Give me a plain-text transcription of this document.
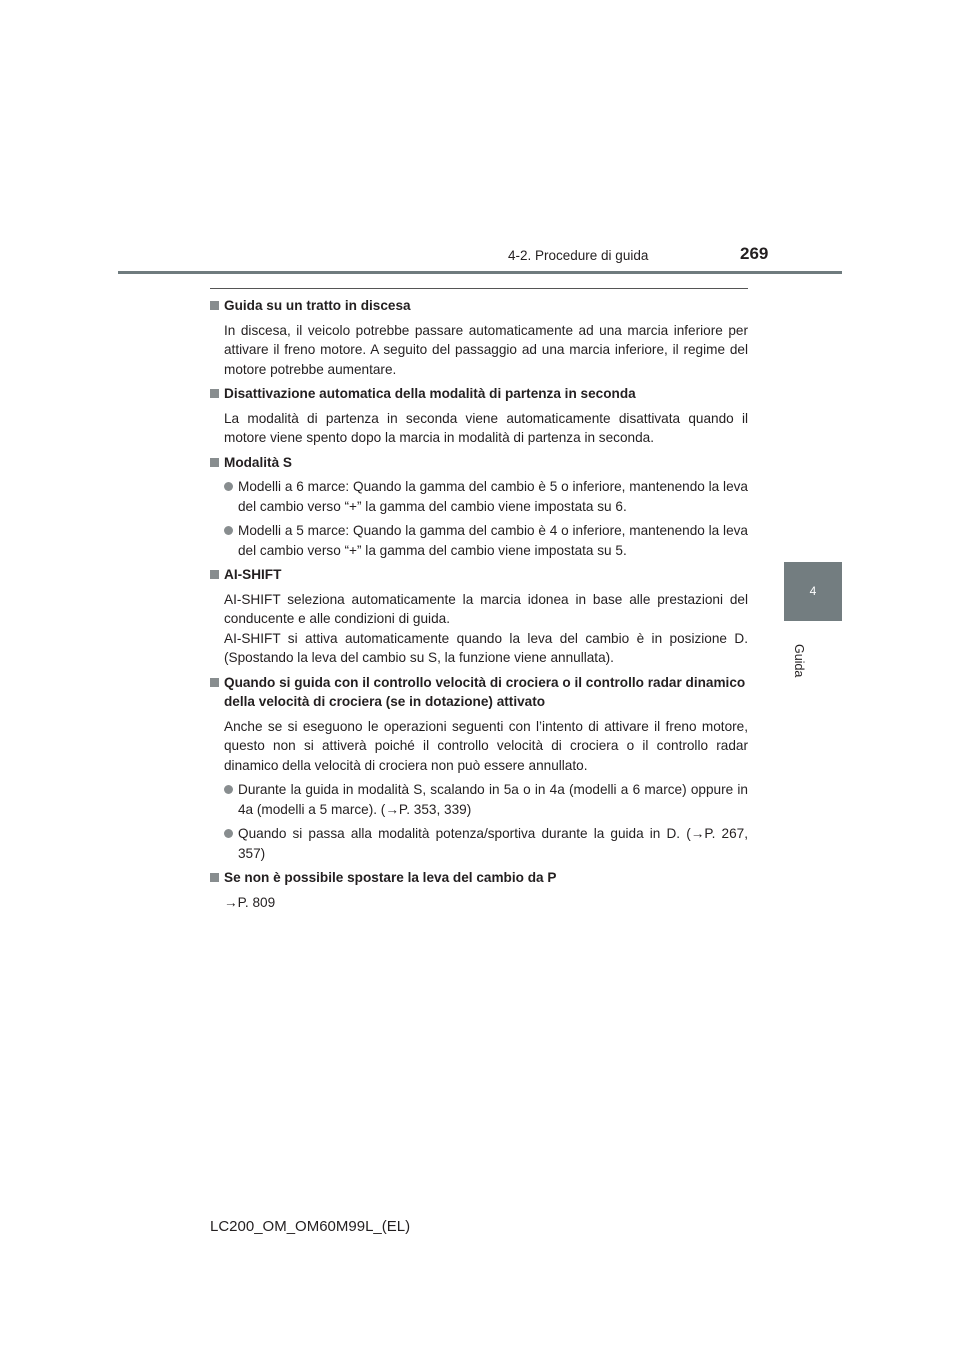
4-2. Procedure di guida	269
4
Guida
Guida su un tratto in discesa
In discesa, il veicolo potrebbe passare automaticamente ad una marcia inferiore per attivare il freno motore. A seguito del passaggio ad una marcia inferiore, il regime del motore potrebbe aumentare.
Disattivazione automatica della modalità di partenza in seconda
La modalità di partenza in seconda viene automaticamente disattivata quando il motore viene spento dopo la marcia in modalità di partenza in seconda.
Modalità S
Modelli a 6 marce: Quando la gamma del cambio è 5 o inferiore, mantenendo la leva del cambio verso “+” la gamma del cambio viene impostata su 6.
Modelli a 5 marce: Quando la gamma del cambio è 4 o inferiore, mantenendo la leva del cambio verso “+” la gamma del cambio viene impostata su 5.
AI-SHIFT
AI-SHIFT seleziona automaticamente la marcia idonea in base alle prestazioni del conducente e alle condizioni di guida.
AI-SHIFT si attiva automaticamente quando la leva del cambio è in posizione D. (Spostando la leva del cambio su S, la funzione viene annullata).
Quando si guida con il controllo velocità di crociera o il controllo radar dinamico della velocità di crociera (se in dotazione) attivato
Anche se si eseguono le operazioni seguenti con l’intento di attivare il freno motore, questo non si attiverà poiché il controllo velocità di crociera o il controllo radar dinamico della velocità di crociera non può essere annullato.
Durante la guida in modalità S, scalando in 5a o in 4a (modelli a 6 marce) oppure in 4a (modelli a 5 marce). (→P. 353, 339)
Quando si passa alla modalità potenza/sportiva durante la guida in D. (→P. 267, 357)
Se non è possibile spostare la leva del cambio da P
→P. 809
LC200_OM_OM60M99L_(EL)
